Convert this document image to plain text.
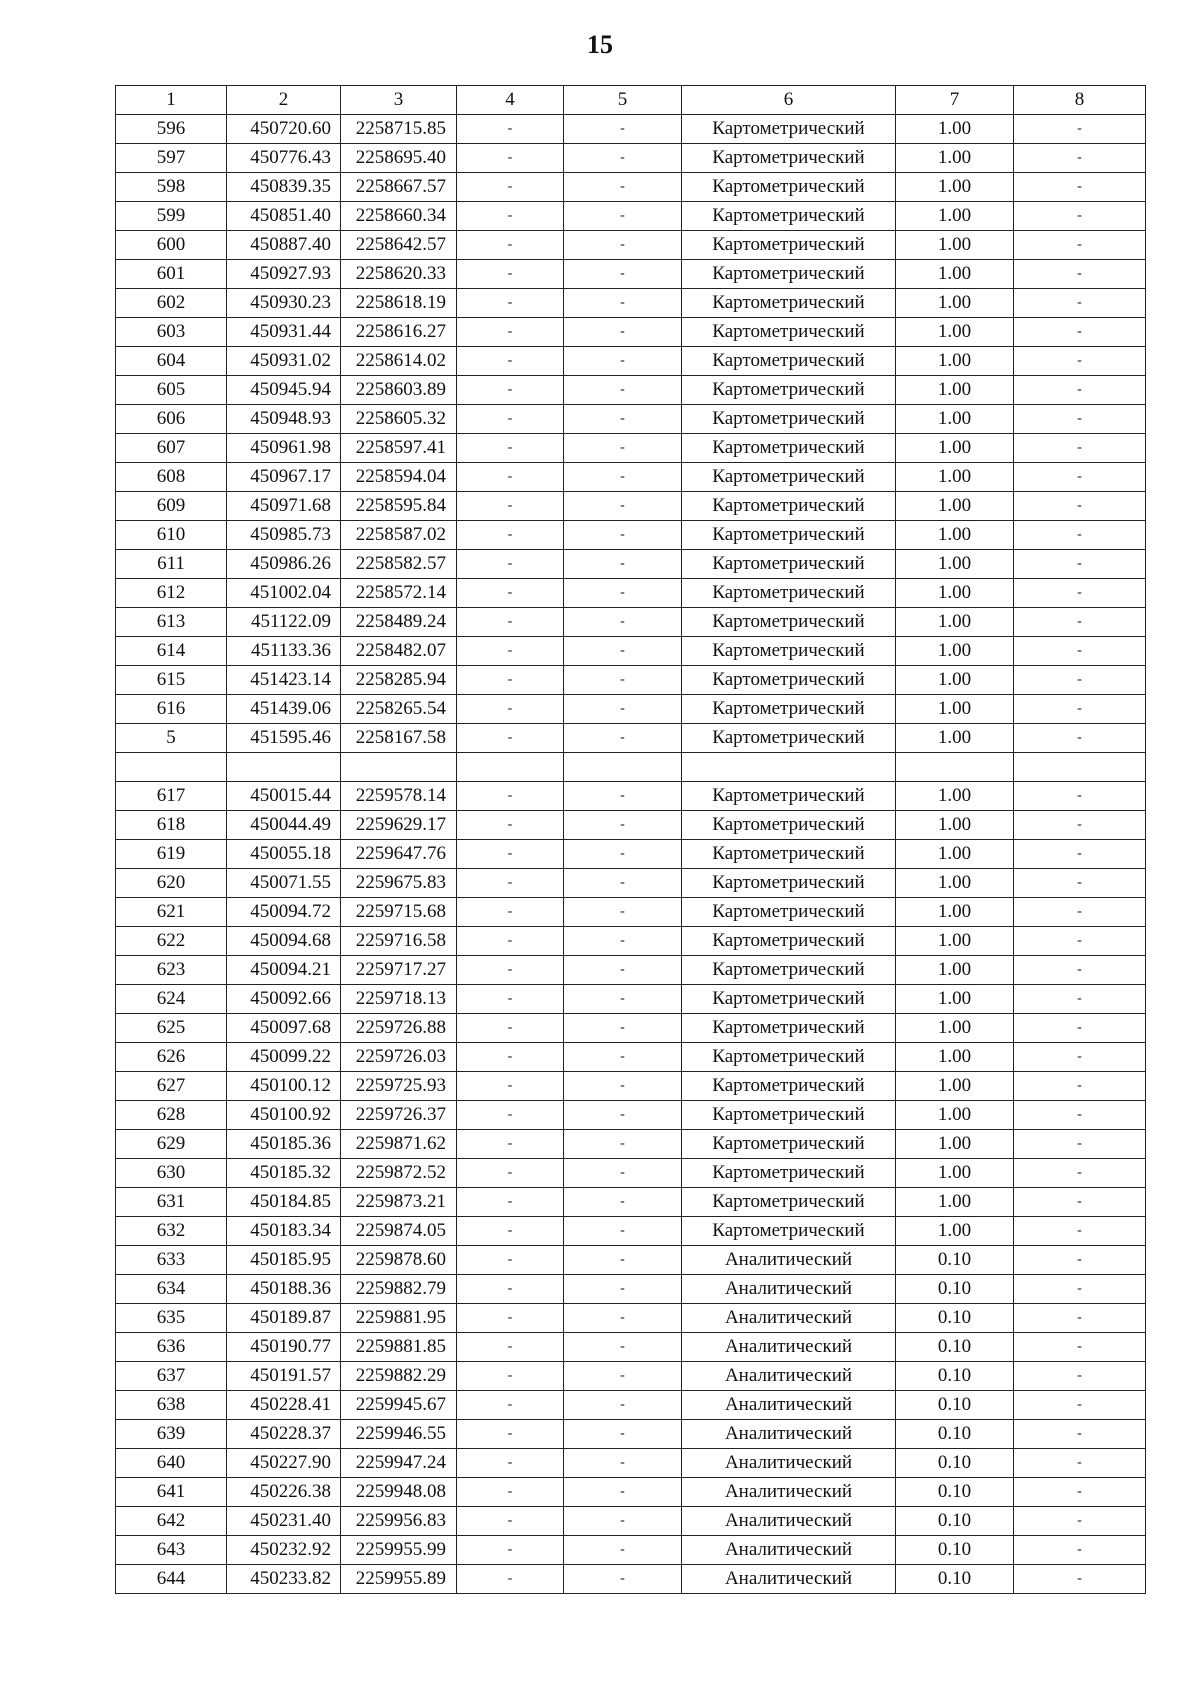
15
1	2	3	4	5	6	7	8
596	450720.60	2258715.85	-	-	Картометрический	1.00	-
597	450776.43	2258695.40	-	-	Картометрический	1.00	-
598	450839.35	2258667.57	-	-	Картометрический	1.00	-
599	450851.40	2258660.34	-	-	Картометрический	1.00	-
600	450887.40	2258642.57	-	-	Картометрический	1.00	-
601	450927.93	2258620.33	-	-	Картометрический	1.00	-
602	450930.23	2258618.19	-	-	Картометрический	1.00	-
603	450931.44	2258616.27	-	-	Картометрический	1.00	-
604	450931.02	2258614.02	-	-	Картометрический	1.00	-
605	450945.94	2258603.89	-	-	Картометрический	1.00	-
606	450948.93	2258605.32	-	-	Картометрический	1.00	-
607	450961.98	2258597.41	-	-	Картометрический	1.00	-
608	450967.17	2258594.04	-	-	Картометрический	1.00	-
609	450971.68	2258595.84	-	-	Картометрический	1.00	-
610	450985.73	2258587.02	-	-	Картометрический	1.00	-
611	450986.26	2258582.57	-	-	Картометрический	1.00	-
612	451002.04	2258572.14	-	-	Картометрический	1.00	-
613	451122.09	2258489.24	-	-	Картометрический	1.00	-
614	451133.36	2258482.07	-	-	Картометрический	1.00	-
615	451423.14	2258285.94	-	-	Картометрический	1.00	-
616	451439.06	2258265.54	-	-	Картометрический	1.00	-
5	451595.46	2258167.58	-	-	Картометрический	1.00	-

617	450015.44	2259578.14	-	-	Картометрический	1.00	-
618	450044.49	2259629.17	-	-	Картометрический	1.00	-
619	450055.18	2259647.76	-	-	Картометрический	1.00	-
620	450071.55	2259675.83	-	-	Картометрический	1.00	-
621	450094.72	2259715.68	-	-	Картометрический	1.00	-
622	450094.68	2259716.58	-	-	Картометрический	1.00	-
623	450094.21	2259717.27	-	-	Картометрический	1.00	-
624	450092.66	2259718.13	-	-	Картометрический	1.00	-
625	450097.68	2259726.88	-	-	Картометрический	1.00	-
626	450099.22	2259726.03	-	-	Картометрический	1.00	-
627	450100.12	2259725.93	-	-	Картометрический	1.00	-
628	450100.92	2259726.37	-	-	Картометрический	1.00	-
629	450185.36	2259871.62	-	-	Картометрический	1.00	-
630	450185.32	2259872.52	-	-	Картометрический	1.00	-
631	450184.85	2259873.21	-	-	Картометрический	1.00	-
632	450183.34	2259874.05	-	-	Картометрический	1.00	-
633	450185.95	2259878.60	-	-	Аналитический	0.10	-
634	450188.36	2259882.79	-	-	Аналитический	0.10	-
635	450189.87	2259881.95	-	-	Аналитический	0.10	-
636	450190.77	2259881.85	-	-	Аналитический	0.10	-
637	450191.57	2259882.29	-	-	Аналитический	0.10	-
638	450228.41	2259945.67	-	-	Аналитический	0.10	-
639	450228.37	2259946.55	-	-	Аналитический	0.10	-
640	450227.90	2259947.24	-	-	Аналитический	0.10	-
641	450226.38	2259948.08	-	-	Аналитический	0.10	-
642	450231.40	2259956.83	-	-	Аналитический	0.10	-
643	450232.92	2259955.99	-	-	Аналитический	0.10	-
644	450233.82	2259955.89	-	-	Аналитический	0.10	-
